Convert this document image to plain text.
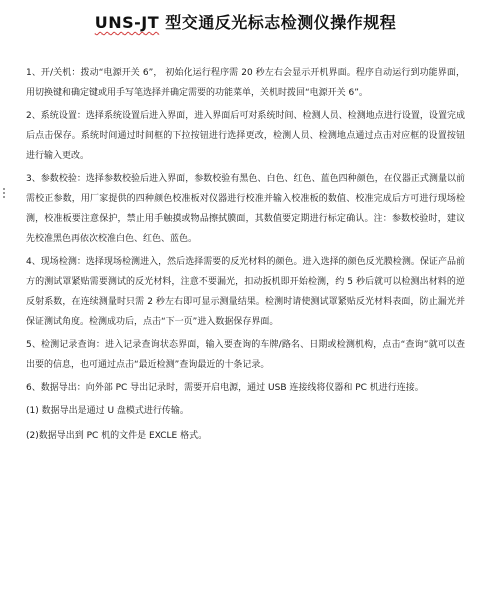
UNS-JT 型交通反光标志检测仪操作规程

1、开/关机：拨动“电源开关 6”， 初始化运行程序需 20 秒左右会显示开机界面。程序自动运行到功能界面，用切换键和确定键或用手写笔选择并确定需要的功能菜单，关机时拨回“电源开关 6”。

2、系统设置：选择系统设置后进入界面，进入界面后可对系统时间、检测人员、检测地点进行设置，设置完成后点击保存。系统时间通过时间框的下拉按钮进行选择更改，检测人员、检测地点通过点击对应框的设置按钮进行输入更改。

3、参数校验：选择参数校验后进入界面，参数校验有黑色、白色、红色、蓝色四种颜色，在仪器正式测量以前需校正参数，用厂家提供的四种颜色校准板对仪器进行校准并输入校准板的数值、校准完成后方可进行现场检测，校准板要注意保护，禁止用手触摸或物品擦拭膜面，其数值要定期进行标定确认。注：参数校验时，建议先校准黑色再依次校准白色、红色、蓝色。

4、现场检测：选择现场检测进入，然后选择需要的反光材料的颜色。进入选择的颜色反光膜检测。保证产品前方的测试罩紧贴需要测试的反光材料，注意不要漏光，扣动扳机即开始检测，约 5 秒后就可以检测出材料的逆反射系数，在连续测量时只需 2 秒左右即可显示测量结果。检测时请使测试罩紧贴反光材料表面，防止漏光并保证测试角度。检测成功后，点击“下一页”进入数据保存界面。

5、检测记录查询：进入记录查询状态界面，输入要查询的车牌/路名、日期或检测机构，点击“查询”就可以查出要的信息，也可通过点击“最近检测”查询最近的十条记录。

6、数据导出：向外部 PC 导出记录时，需要开启电源，通过 USB 连接线将仪器和 PC 机进行连接。

(1) 数据导出是通过 U 盘模式进行传输。

(2)数据导出到 PC 机的文件是 EXCLE 格式。
